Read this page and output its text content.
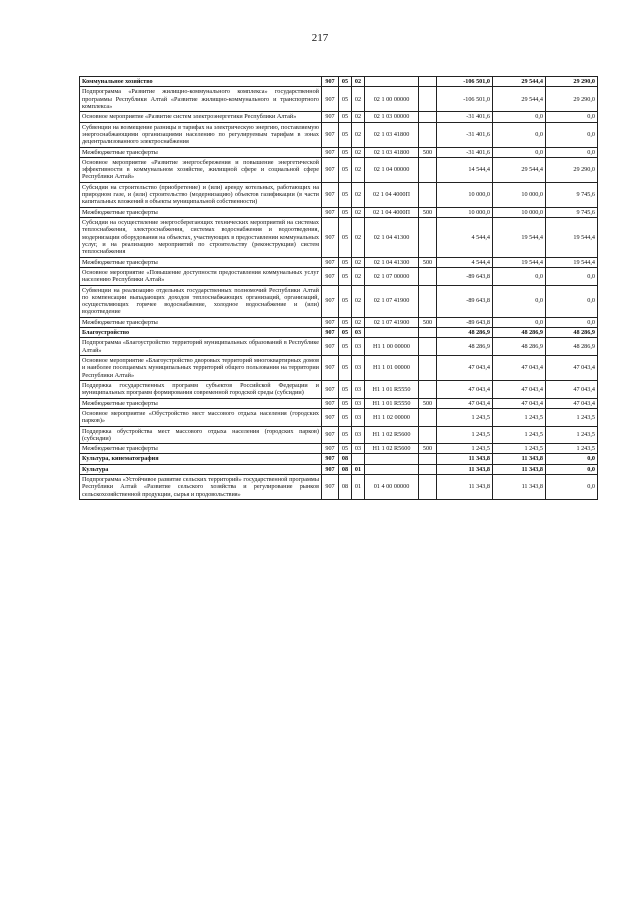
217
Коммунальное хозяйство	907	05	02			-106 501,0	29 544,4	29 290,0
Подпрограмма «Развитие жилищно-коммунального комплекса» государственной программы Республики Алтай «Развитие жилищно-коммунального и транспортного комплекса»	907	05	02	02 1 00 00000		-106 501,0	29 544,4	29 290,0
Основное мероприятие «Развитие систем электроэнергетики Республики Алтай»	907	05	02	02 1 03 00000		-31 401,6	0,0	0,0
Субвенции на возмещение разницы в тарифах на электрическую энергию, поставляемую энергоснабжающими организациями населению по регулируемым тарифам в зонах децентрализованного электроснабжения	907	05	02	02 1 03 41800		-31 401,6	0,0	0,0
Межбюджетные трансферты	907	05	02	02 1 03 41800	500	-31 401,6	0,0	0,0
Основное мероприятие «Развитие энергосбережения и повышение энергетической эффективности в коммунальном хозяйстве, жилищной сфере и социальной сфере Республики Алтай»	907	05	02	02 1 04 00000		14 544,4	29 544,4	29 290,0
Субсидии на строительство (приобретение) и (или) аренду котельных, работающих на природном газе, и (или) строительство (модернизацию) объектов газификации (в части капитальных вложений в объекты муниципальной собственности)	907	05	02	02 1 04 4000П		10 000,0	10 000,0	9 745,6
Межбюджетные трансферты	907	05	02	02 1 04 4000П	500	10 000,0	10 000,0	9 745,6
Субсидии на осуществление энергосберегающих технических мероприятий на системах теплоснабжения, электроснабжения, системах водоснабжения и водоотведения, модернизации оборудования на объектах, участвующих в предоставлении коммунальных услуг, и на реализацию мероприятий по строительству (реконструкции) систем теплоснабжения	907	05	02	02 1 04 41300		4 544,4	19 544,4	19 544,4
Межбюджетные трансферты	907	05	02	02 1 04 41300	500	4 544,4	19 544,4	19 544,4
Основное мероприятие «Повышение доступности предоставления коммунальных услуг населению Республики Алтай»	907	05	02	02 1 07 00000		-89 643,8	0,0	0,0
Субвенции на реализацию отдельных государственных полномочий Республики Алтай по компенсации выпадающих доходов теплоснабжающих организаций, организаций, осуществляющих горячее водоснабжение, холодное водоснабжение и (или) водоотведение	907	05	02	02 1 07 41900		-89 643,8	0,0	0,0
Межбюджетные трансферты	907	05	02	02 1 07 41900	500	-89 643,8	0,0	0,0
Благоустройство	907	05	03			48 286,9	48 286,9	48 286,9
Подпрограмма «Благоустройство территорий муниципальных образований в Республике Алтай»	907	05	03	Н1 1 00 00000		48 286,9	48 286,9	48 286,9
Основное мероприятие «Благоустройство дворовых территорий многоквартирных домов и наиболее посещаемых муниципальных территорий общего пользования на территории Республики Алтай»	907	05	03	Н1 1 01 00000		47 043,4	47 043,4	47 043,4
Поддержка государственных программ субъектов Российской Федерации и муниципальных программ формирования современной городской среды (субсидии)	907	05	03	Н1 1 01 R5550		47 043,4	47 043,4	47 043,4
Межбюджетные трансферты	907	05	03	Н1 1 01 R5550	500	47 043,4	47 043,4	47 043,4
Основное мероприятие «Обустройство мест массового отдыха населения (городских парков)»	907	05	03	Н1 1 02 00000		1 243,5	1 243,5	1 243,5
Поддержка обустройства мест массового отдыха населения (городских парков) (субсидии)	907	05	03	Н1 1 02 R5600		1 243,5	1 243,5	1 243,5
Межбюджетные трансферты	907	05	03	Н1 1 02 R5600	500	1 243,5	1 243,5	1 243,5
Культура, кинематография	907	08				11 343,8	11 343,8	0,0
Культура	907	08	01			11 343,8	11 343,8	0,0
Подпрограмма «Устойчивое развитие сельских территорий» государственной программы Республики Алтай «Развитие сельского хозяйства и регулирование рынков сельскохозяйственной продукции, сырья и продовольствия»	907	08	01	01 4 00 00000		11 343,8	11 343,8	0,0
